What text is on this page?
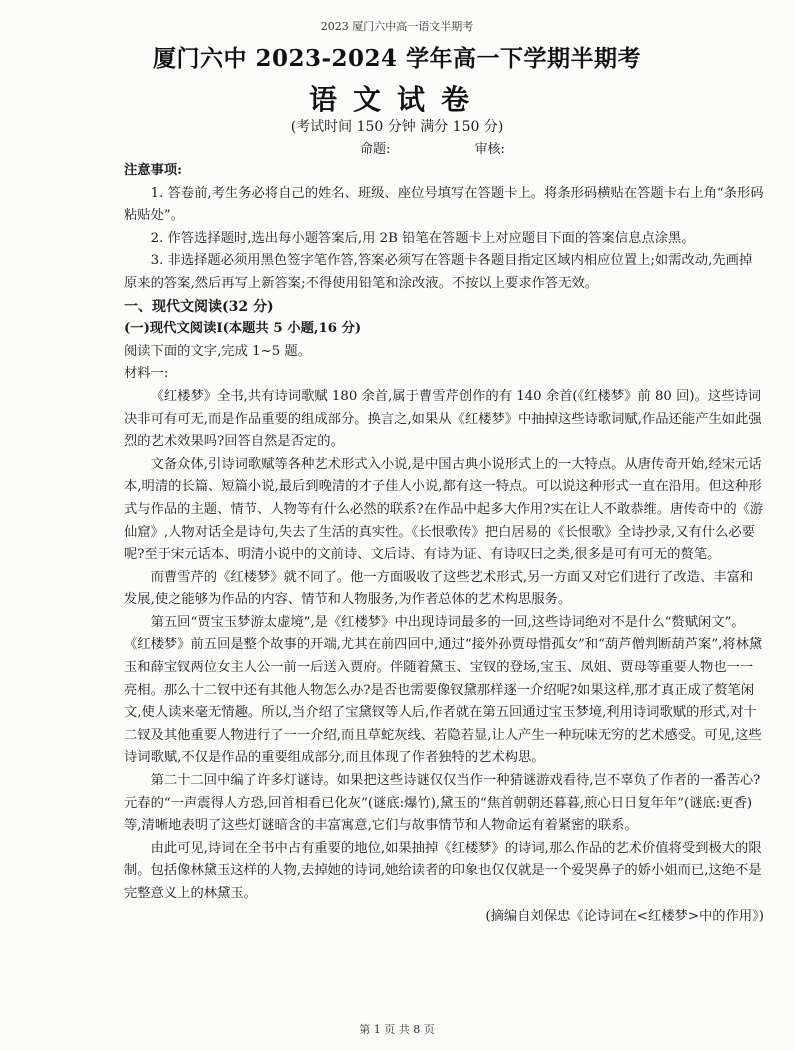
2023 厦门六中高一语文半期考
厦门六中 2023-2024 学年高一下学期半期考
语文试卷
(考试时间 150 分钟 满分 150 分)
命题:	审核:

注意事项:

1. 答卷前,考生务必将自己的姓名、班级、座位号填写在答题卡上。将条形码横贴在答题卡右上角“条形码粘贴处”。

2. 作答选择题时,选出每小题答案后,用 2B 铅笔在答题卡上对应题目下面的答案信息点涂黑。

3. 非选择题必须用黑色签字笔作答,答案必须写在答题卡各题目指定区域内相应位置上;如需改动,先画掉原来的答案,然后再写上新答案;不得使用铅笔和涂改液。不按以上要求作答无效。

一、现代文阅读(32 分)

(一)现代文阅读Ⅰ(本题共 5 小题,16 分)

阅读下面的文字,完成 1~5 题。

材料一:

《红楼梦》全书,共有诗词歌赋 180 余首,属于曹雪芹创作的有 140 余首(《红楼梦》前 80 回)。这些诗词决非可有可无,而是作品重要的组成部分。换言之,如果从《红楼梦》中抽掉这些诗歌词赋,作品还能产生如此强烈的艺术效果吗?回答自然是否定的。

文备众体,引诗词歌赋等各种艺术形式入小说,是中国古典小说形式上的一大特点。从唐传奇开始,经宋元话本,明清的长篇、短篇小说,最后到晚清的才子佳人小说,都有这一特点。可以说这种形式一直在沿用。但这种形式与作品的主题、情节、人物等有什么必然的联系?在作品中起多大作用?实在让人不敢恭维。唐传奇中的《游仙窟》,人物对话全是诗句,失去了生活的真实性。《长恨歌传》把白居易的《长恨歌》全诗抄录,又有什么必要呢?至于宋元话本、明清小说中的文前诗、文后诗、有诗为证、有诗叹曰之类,很多是可有可无的赘笔。

而曹雪芹的《红楼梦》就不同了。他一方面吸收了这些艺术形式,另一方面又对它们进行了改造、丰富和发展,使之能够为作品的内容、情节和人物服务,为作者总体的艺术构思服务。

第五回“贾宝玉梦游太虚境”,是《红楼梦》中出现诗词最多的一回,这些诗词绝对不是什么“赘赋闲文”。《红楼梦》前五回是整个故事的开端,尤其在前四回中,通过“接外孙贾母惜孤女”和“葫芦僧判断葫芦案”,将林黛玉和薛宝钗两位女主人公一前一后送入贾府。伴随着黛玉、宝钗的登场,宝玉、凤姐、贾母等重要人物也一一亮相。那么十二钗中还有其他人物怎么办?是否也需要像钗黛那样逐一介绍呢?如果这样,那才真正成了赘笔闲文,使人读来毫无情趣。所以,当介绍了宝黛钗等人后,作者就在第五回通过宝玉梦境,利用诗词歌赋的形式,对十二钗及其他重要人物进行了一一介绍,而且草蛇灰线、若隐若显,让人产生一种玩味无穷的艺术感受。可见,这些诗词歌赋,不仅是作品的重要组成部分,而且体现了作者独特的艺术构思。

第二十二回中编了许多灯谜诗。如果把这些诗谜仅仅当作一种猜谜游戏看待,岂不辜负了作者的一番苦心?元春的“一声震得人方恐,回首相看已化灰”(谜底:爆竹),黛玉的“焦首朝朝还暮暮,煎心日日复年年”(谜底:更香)等,清晰地表明了这些灯谜暗含的丰富寓意,它们与故事情节和人物命运有着紧密的联系。

由此可见,诗词在全书中占有重要的地位,如果抽掉《红楼梦》的诗词,那么作品的艺术价值将受到极大的限制。包括像林黛玉这样的人物,去掉她的诗词,她给读者的印象也仅仅就是一个爱哭鼻子的娇小姐而已,这绝不是完整意义上的林黛玉。

(摘编自刘保忠《论诗词在<红楼梦>中的作用》)

第 1 页 共 8 页
